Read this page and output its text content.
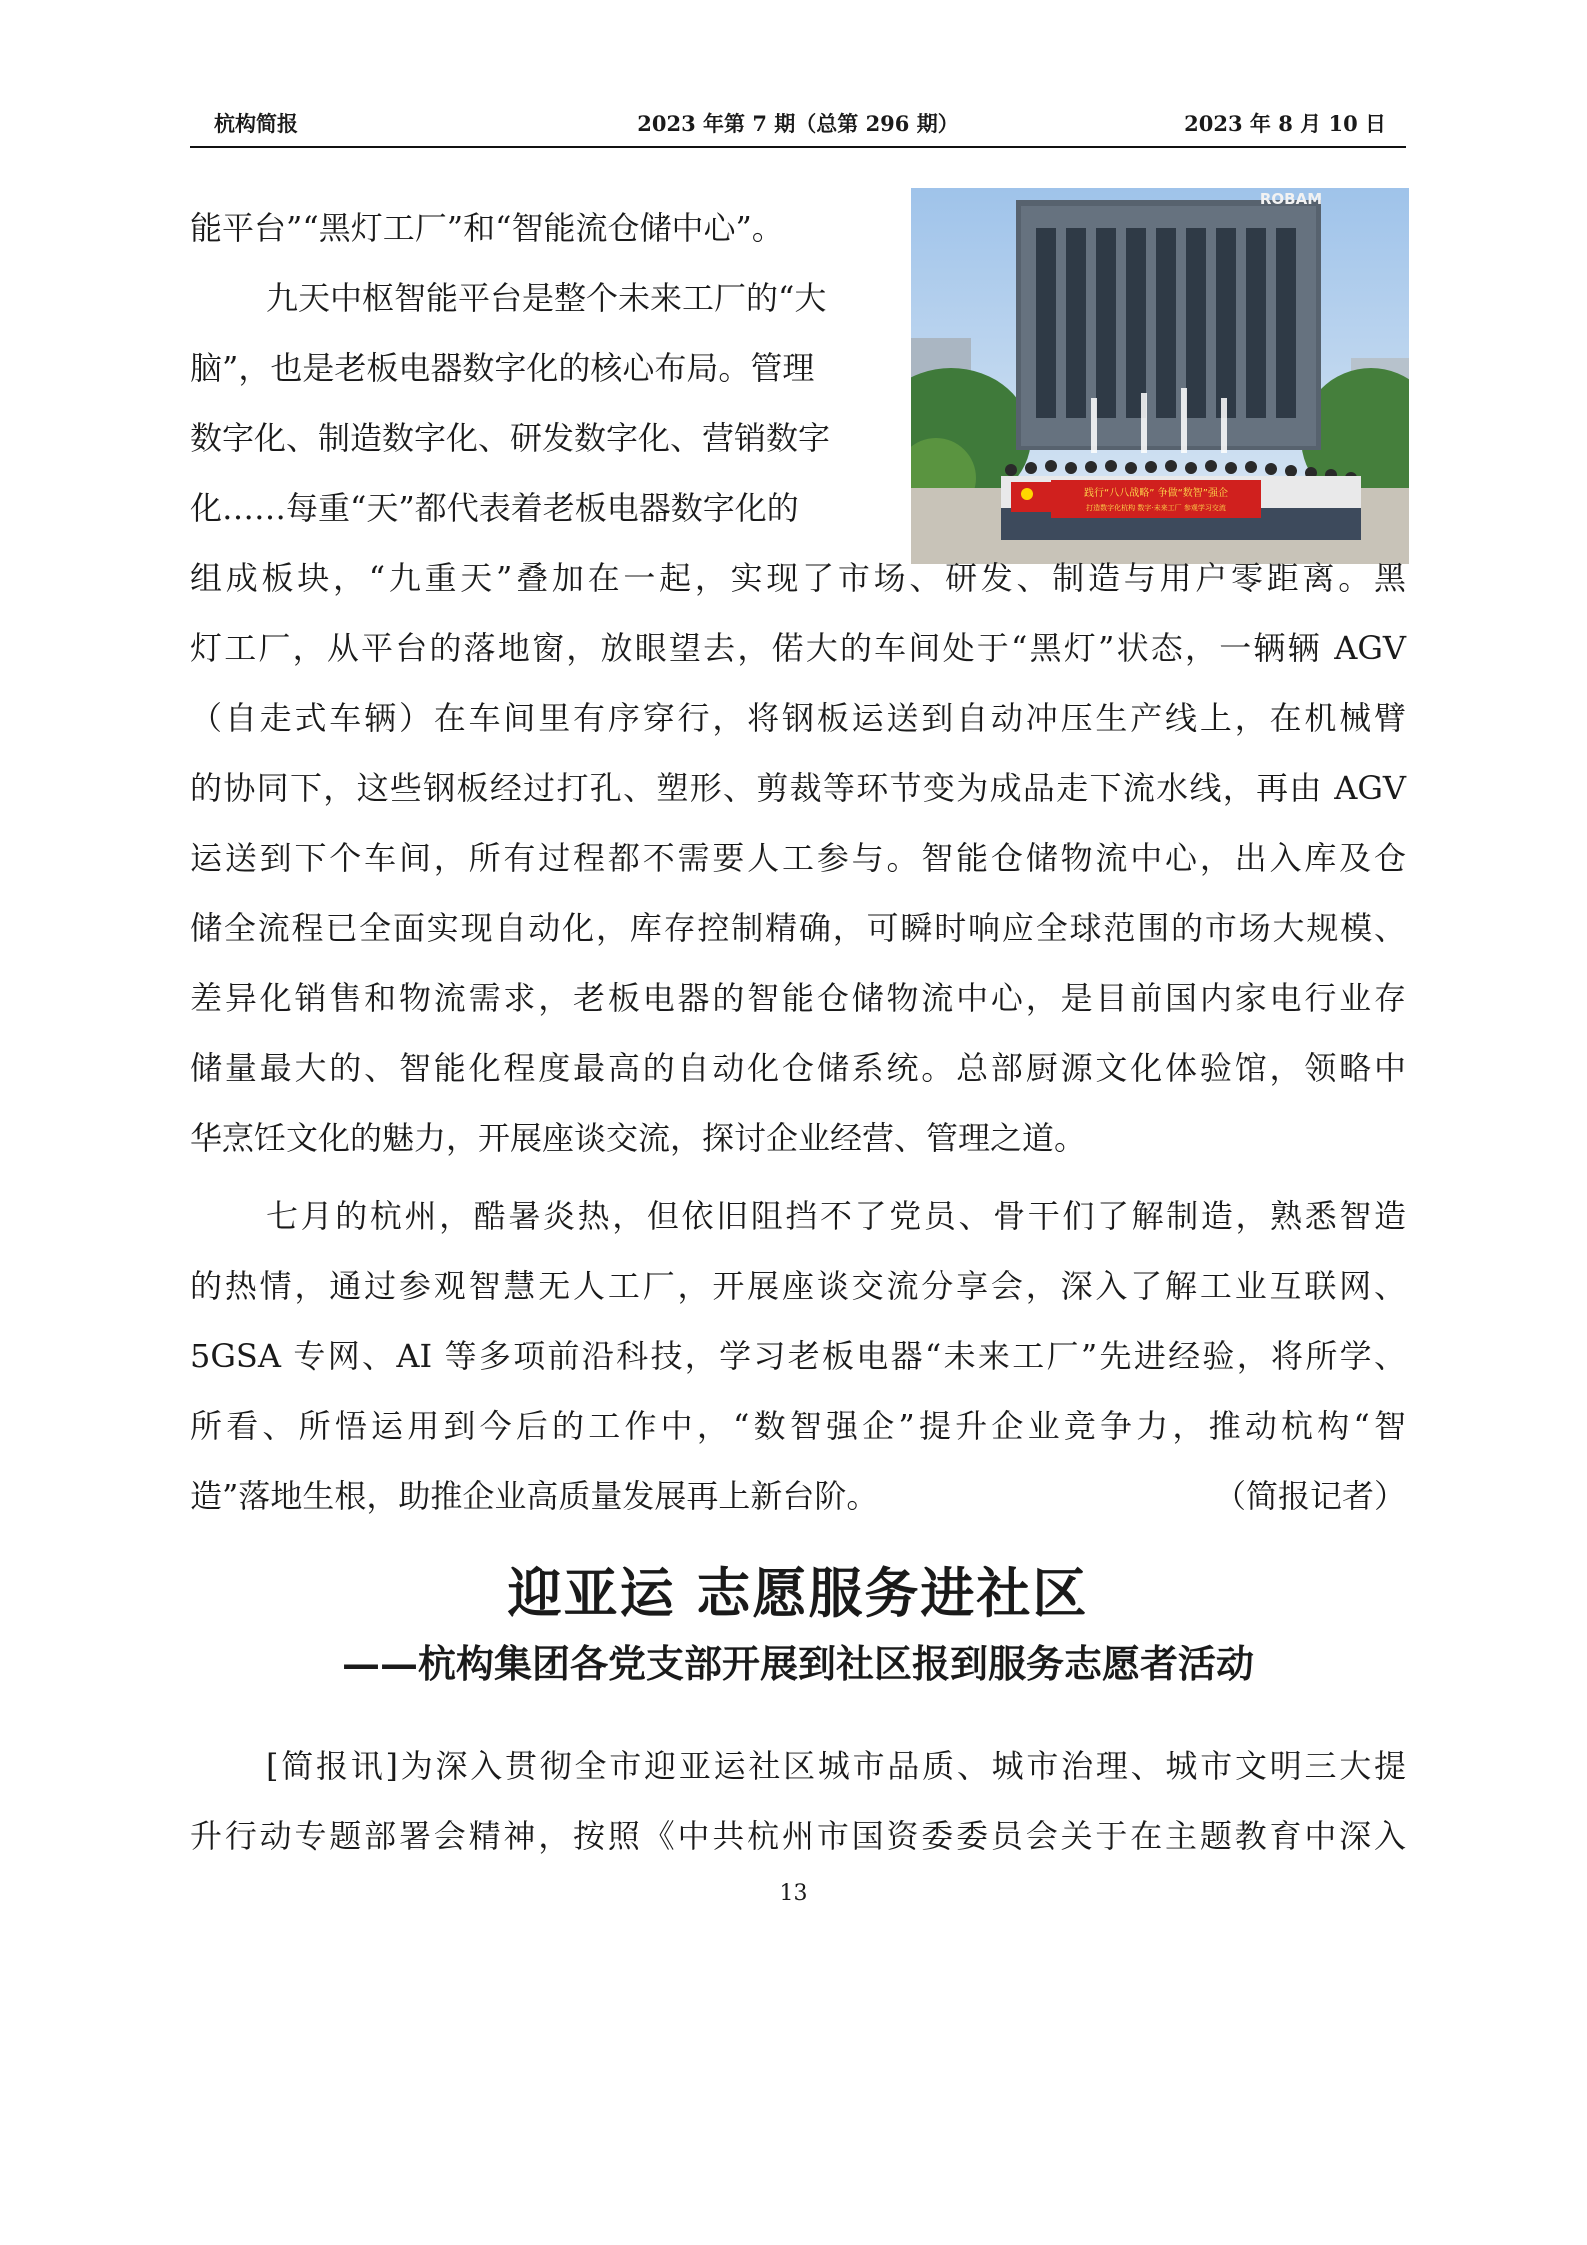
杭构简报	2023 年第 7 期（总第 296 期）	2023 年 8 月 10 日
ROBAM
践行“八八战略” 争做“数智”强企
打造数字化杭构 数字·未来工厂 参观学习交流
能平台”“黑灯工厂”和“智能流仓储中心”。
九天中枢智能平台是整个未来工厂的“大
脑”，也是老板电器数字化的核心布局。管理
数字化、制造数字化、研发数字化、营销数字
化……每重“天”都代表着老板电器数字化的
组成板块，“九重天”叠加在一起，实现了市场、研发、制造与用户零距离。黑
灯工厂，从平台的落地窗，放眼望去，偌大的车间处于“黑灯”状态，一辆辆 AGV
（自走式车辆）在车间里有序穿行，将钢板运送到自动冲压生产线上，在机械臂
的协同下，这些钢板经过打孔、塑形、剪裁等环节变为成品走下流水线，再由 AGV
运送到下个车间，所有过程都不需要人工参与。智能仓储物流中心，出入库及仓
储全流程已全面实现自动化，库存控制精确，可瞬时响应全球范围的市场大规模、
差异化销售和物流需求，老板电器的智能仓储物流中心，是目前国内家电行业存
储量最大的、智能化程度最高的自动化仓储系统。总部厨源文化体验馆，领略中
华烹饪文化的魅力，开展座谈交流，探讨企业经营、管理之道。
七月的杭州，酷暑炎热，但依旧阻挡不了党员、骨干们了解制造，熟悉智造
的热情，通过参观智慧无人工厂，开展座谈交流分享会，深入了解工业互联网、
5GSA 专网、AI 等多项前沿科技，学习老板电器“未来工厂”先进经验，将所学、
所看、所悟运用到今后的工作中，“数智强企”提升企业竞争力，推动杭构“智
造”落地生根，助推企业高质量发展再上新台阶。	（简报记者）
迎亚运 志愿服务进社区
——杭构集团各党支部开展到社区报到服务志愿者活动
[简报讯]为深入贯彻全市迎亚运社区城市品质、城市治理、城市文明三大提
升行动专题部署会精神，按照《中共杭州市国资委委员会关于在主题教育中深入
13
